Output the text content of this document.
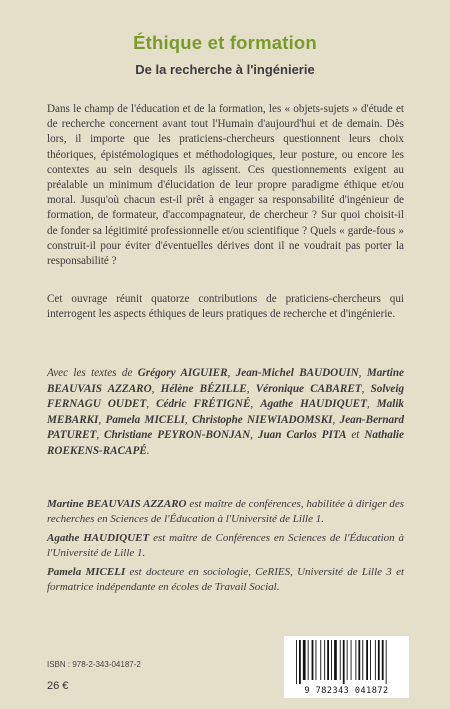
Éthique et formation
De la recherche à l'ingénierie

Dans le champ de l'éducation et de la formation, les « objets-sujets » d'étude et de recherche concernent avant tout l'Humain d'aujourd'hui et de demain. Dès lors, il importe que les praticiens-chercheurs questionnent leurs choix théoriques, épistémologiques et méthodologiques, leur posture, ou encore les contextes au sein desquels ils agissent. Ces questionnements exigent au préalable un minimum d'élucidation de leur propre paradigme éthique et/ou moral. Jusqu'où chacun est-il prêt à engager sa responsabilité d'ingénieur de formation, de formateur, d'accompagnateur, de chercheur ? Sur quoi choisit-il de fonder sa légitimité professionnelle et/ou scientifique ? Quels « garde-fous » construit-il pour éviter d'éventuelles dérives dont il ne voudrait pas porter la responsabilité ?

Cet ouvrage réunit quatorze contributions de praticiens-chercheurs qui interrogent les aspects éthiques de leurs pratiques de recherche et d'ingénierie.

Avec les textes de Grégory AIGUIER, Jean-Michel BAUDOUIN, Martine BEAUVAIS AZZARO, Hélène BÉZILLE, Véronique CABARET, Solveig FERNAGU OUDET, Cédric FRÉTIGNÉ, Agathe HAUDIQUET, Malik MEBARKI, Pamela MICELI, Christophe NIEWIADOMSKI, Jean-Bernard PATURET, Christiane PEYRON-BONJAN, Juan Carlos PITA et Nathalie ROEKENS-RACAPÉ.

Martine BEAUVAIS AZZARO est maître de conférences, habilitée à diriger des recherches en Sciences de l'Éducation à l'Université de Lille 1.

Agathe HAUDIQUET est maître de Conférences en Sciences de l'Éducation à l'Université de Lille 1.

Pamela MICELI est docteure en sociologie, CeRIES, Université de Lille 3 et formatrice indépendante en écoles de Travail Social.

ISBN : 978-2-343-04187-2
26 €	9 782343 041872
